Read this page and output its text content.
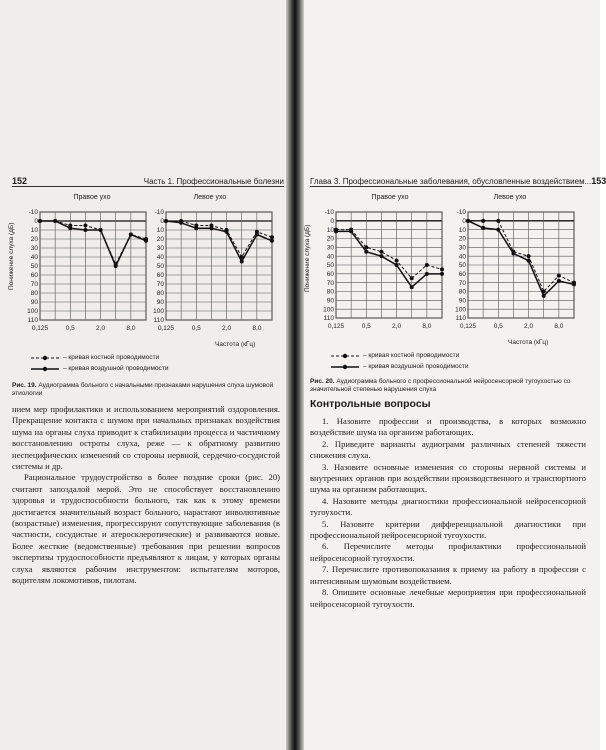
152	Часть 1. Профессиональные болезни
Правое ухо	Левое ухо
Понижение слуха (дБ)
-10
0
10
20
30
40
50
60
70
80
90
100
110
0,125	0,5	2,0	8,0
-10
0
10
20
30
40
50
60
70
80
90
100
110
0,125	0,5	2,0	8,0
Частота (кГц)
– кривая костной проводимости
– кривая воздушной проводимости
Рис. 19. Аудиограмма больного с начальными признаками нарушения слуха шумовой этиологии

нием мер профилактики и использованием мероприятий оздоровления. Прекращение контакта с шумом при начальных признаках воздействия шума на органы слуха приводит к стабилизации процесса и частичному восстановлению остроты слуха, реже — к обратному развитию неспецифических изменений со стороны нервной, сердечно-сосудистой системы и др.

Рациональное трудоустройство в более поздние сроки (рис. 20) считают запоздалой мерой. Это не способствует восстановлению здоровья и трудоспособности больного, так как к этому времени достигается значительный возраст больного, нарастают инволютивные (возрастные) изменения, прогрессируют сопутствующие заболевания (в частности, сосудистые и атеросклеротические) и развиваются новые. Более жесткие (ведомственные) требования при решении вопросов экспертизы трудоспособности предъявляют к лицам, у которых органы слуха являются рабочим инструментом: испытателям моторов, водителям локомотивов, пилотам.

Глава 3. Профессиональные заболевания, обусловленные воздействием... 153
Правое ухо	Левое ухо
Понижение слуха (дБ)
-10
0
10
20
30
40
50
60
70
80
90
100
110
0,125	0,5	2,0	8,0
-10
0
10
20
30
40
50
60
70
80
90
100
110
0,125	0,5	2,0	8,0
Частота (кГц)
– кривая костной проводимости
– кривая воздушной проводимости
Рис. 20. Аудиограмма больного с профессиональной нейросенсорной тугоухостью со значительной степенью нарушения слуха
Контрольные вопросы

1. Назовите профессии и производства, в которых возможно воздействие шума на организм работающих.

2. Приведите варианты аудиограмм различных степеней тяжести снижения слуха.

3. Назовите основные изменения со стороны нервной системы и внутренних органов при воздействии производственного и транспортного шума на организм работающих.

4. Назовите методы диагностики профессиональной нейросенсорной тугоухости.

5. Назовите критерии дифференциальной диагностики при профессиональной нейросенсорной тугоухости.

6. Перечислите методы профилактики профессиональной нейросенсорной тугоухости.

7. Перечислите противопоказания к приему на работу в профессии с интенсивным шумовым воздействием.

8. Опишите основные лечебные мероприятия при профессиональной нейросенсорной тугоухости.
